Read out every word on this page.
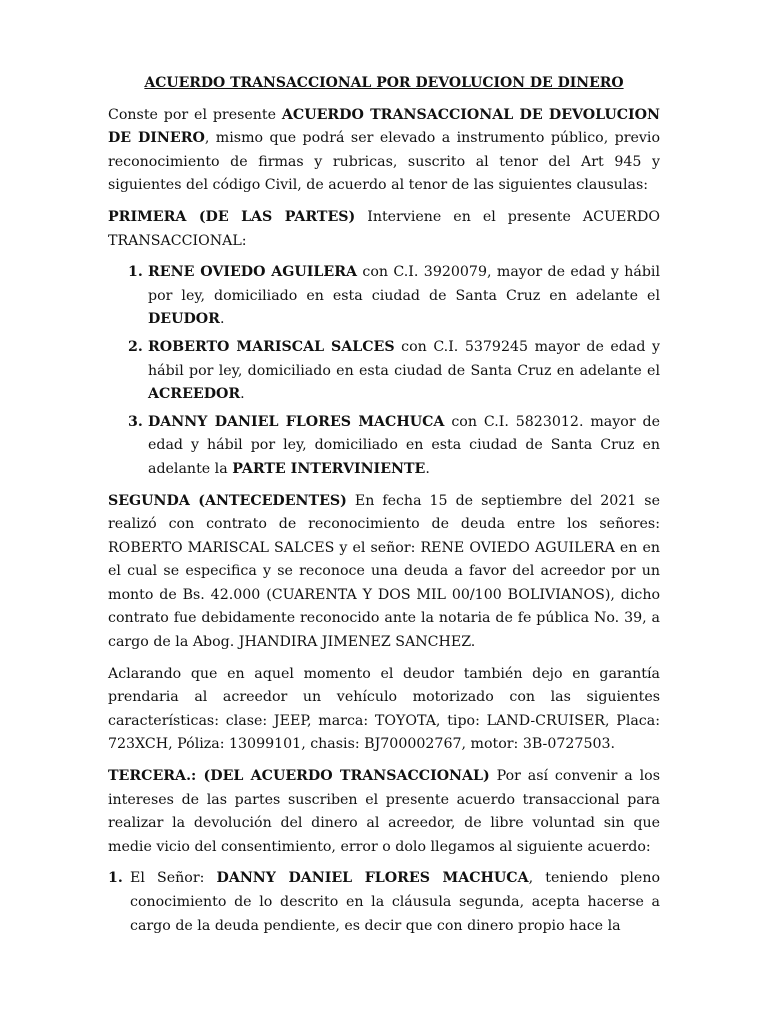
ACUERDO TRANSACCIONAL POR DEVOLUCION DE DINERO

Conste por el presente ACUERDO TRANSACCIONAL DE DEVOLUCION DE DINERO, mismo que podrá ser elevado a instrumento público, previo reconocimiento de firmas y rubricas, suscrito al tenor del Art 945 y siguientes del código Civil, de acuerdo al tenor de las siguientes clausulas:

PRIMERA (DE LAS PARTES) Interviene en el presente ACUERDO TRANSACCIONAL:

1. RENE OVIEDO AGUILERA con C.I. 3920079, mayor de edad y hábil por ley, domiciliado en esta ciudad de Santa Cruz en adelante el DEUDOR.
2. ROBERTO MARISCAL SALCES con C.I. 5379245 mayor de edad y hábil por ley, domiciliado en esta ciudad de Santa Cruz en adelante el ACREEDOR.
3. DANNY DANIEL FLORES MACHUCA con C.I. 5823012. mayor de edad y hábil por ley, domiciliado en esta ciudad de Santa Cruz en adelante la PARTE INTERVINIENTE.

SEGUNDA (ANTECEDENTES) En fecha 15 de septiembre del 2021 se realizó con contrato de reconocimiento de deuda entre los señores: ROBERTO MARISCAL SALCES y el señor: RENE OVIEDO AGUILERA en en el cual se especifica y se reconoce una deuda a favor del acreedor por un monto de Bs. 42.000 (CUARENTA Y DOS MIL 00/100 BOLIVIANOS), dicho contrato fue debidamente reconocido ante la notaria de fe pública No. 39, a cargo de la Abog. JHANDIRA JIMENEZ SANCHEZ.

Aclarando que en aquel momento el deudor también dejo en garantía prendaria al acreedor un vehículo motorizado con las siguientes características: clase: JEEP, marca: TOYOTA, tipo: LAND-CRUISER, Placa: 723XCH, Póliza: 13099101, chasis: BJ700002767, motor: 3B-0727503.

TERCERA.: (DEL ACUERDO TRANSACCIONAL) Por así convenir a los intereses de las partes suscriben el presente acuerdo transaccional para realizar la devolución del dinero al acreedor, de libre voluntad sin que medie vicio del consentimiento, error o dolo llegamos al siguiente acuerdo:

1. El Señor: DANNY DANIEL FLORES MACHUCA, teniendo pleno conocimiento de lo descrito en la cláusula segunda, acepta hacerse a cargo de la deuda pendiente, es decir que con dinero propio hace la
